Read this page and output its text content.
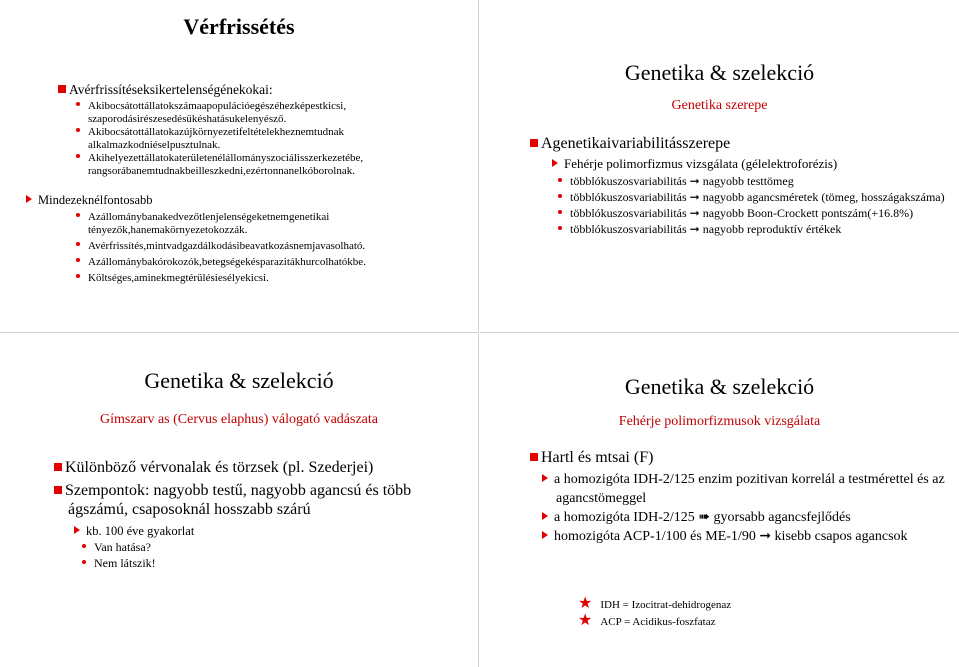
Vérfrissétés
Avérfrissítéseksikertelenségénekokai:
Akibocsátottállatokszámaapopulációegészéhezképestkicsi, szaporodásirészesedésükéshatásukelenyésző.
Akibocsátottállatokazújkörnyezetifeltételekheznemtudnak alkalmazkodniéselpusztulnak.
Akihelyezettállatokaterületenélállományszociálisszerkezetébe, rangsorábanemtudnakbeilleszkedni,ezértonnanelkóborolnak.
Mindezeknélfontosabb
Azállománybanakedvezőtlenjelenségeketnemgenetikai tényezők,hanemakörnyezetokozzák.
Avérfrissítés,mintvadgazdálkodásibeavatkozásnemjavasolható.
Azállománybakórokozók,betegségekésparazitákhurcolhatókbe.
Költséges,aminekmegtérülésiesélyekicsi.
Genetika & szelekció
Genetika szerepe
Agenetikaivariabilitásszerepe
Fehérje polimorfizmus vizsgálata (gélelektroforézis)
többlókuszosvariabilitás ➞ nagyobb testtömeg
többlókuszosvariabilitás ➞ nagyobb agancsméretek (tömeg, hosszágakszáma)
többlókuszosvariabilitás ➞ nagyobb Boon-Crockett pontszám(+16.8%)
többlókuszosvariabilitás ➞ nagyobb reproduktív értékek
Genetika & szelekció
Gímszarv as (Cervus elaphus) válogató vadászata
Különböző vérvonalak és törzsek (pl. Szederjei)
Szempontok: nagyobb testű, nagyobb agancsú és több ágszámú, csaposoknál hosszabb szárú
kb. 100 éve gyakorlat
Van hatása?
Nem látszik!
Genetika & szelekció
Fehérje polimorfizmusok vizsgálata
Hartl és mtsai (F)
a homozigóta IDH-2/125 enzim pozitivan korrelál a testmérettel és az agancstömeggel
a homozigóta IDH-2/125 ➠ gyorsabb agancsfejlődés
homozigóta ACP-1/100 és ME-1/90 ➞ kisebb csapos agancsok
★ IDH = Izocitrat-dehidrogenaz
★ ACP = Acidikus-foszfataz
